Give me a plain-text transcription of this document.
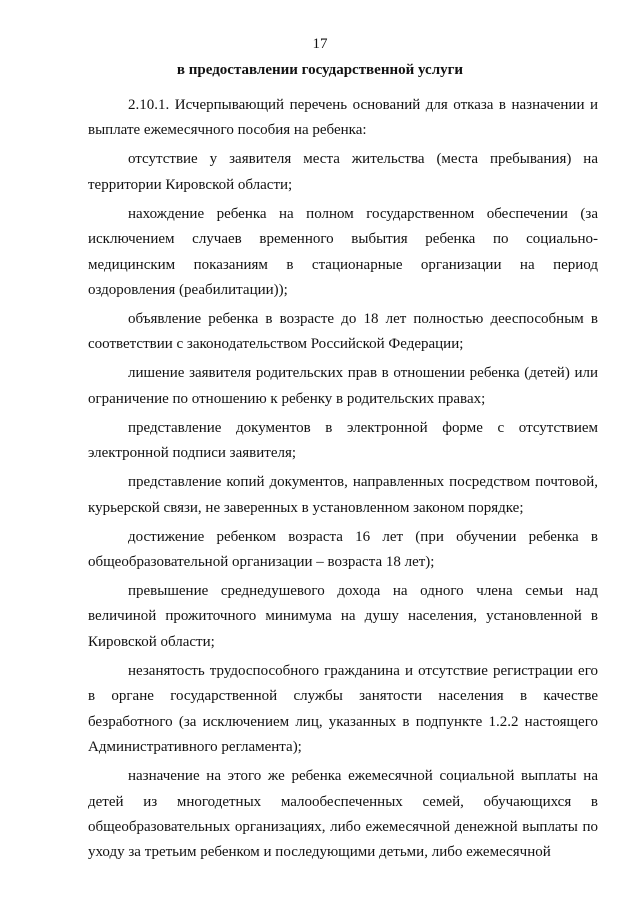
17
в предоставлении государственной услуги

2.10.1. Исчерпывающий перечень оснований для отказа в назначении и выплате ежемесячного пособия на ребенка:

отсутствие у заявителя места жительства (места пребывания) на территории Кировской области;

нахождение ребенка на полном государственном обеспечении (за исключением случаев временного выбытия ребенка по социально-медицинским показаниям в стационарные организации на период оздоровления (реабилитации));

объявление ребенка в возрасте до 18 лет полностью дееспособным в соответствии с законодательством Российской Федерации;

лишение заявителя родительских прав в отношении ребенка (детей) или ограничение по отношению к ребенку в родительских правах;

представление документов в электронной форме с отсутствием электронной подписи заявителя;

представление копий документов, направленных посредством почтовой, курьерской связи, не заверенных в установленном законом порядке;

достижение ребенком возраста 16 лет (при обучении ребенка в общеобразовательной организации – возраста 18 лет);

превышение среднедушевого дохода на одного члена семьи над величиной прожиточного минимума на душу населения, установленной в Кировской области;

незанятость трудоспособного гражданина и отсутствие регистрации его в органе государственной службы занятости населения в качестве безработного (за исключением лиц, указанных в подпункте 1.2.2 настоящего Административного регламента);

назначение на этого же ребенка ежемесячной социальной выплаты на детей из многодетных малообеспеченных семей, обучающихся в общеобразовательных организациях, либо ежемесячной денежной выплаты по уходу за третьим ребенком и последующими детьми, либо ежемесячной
